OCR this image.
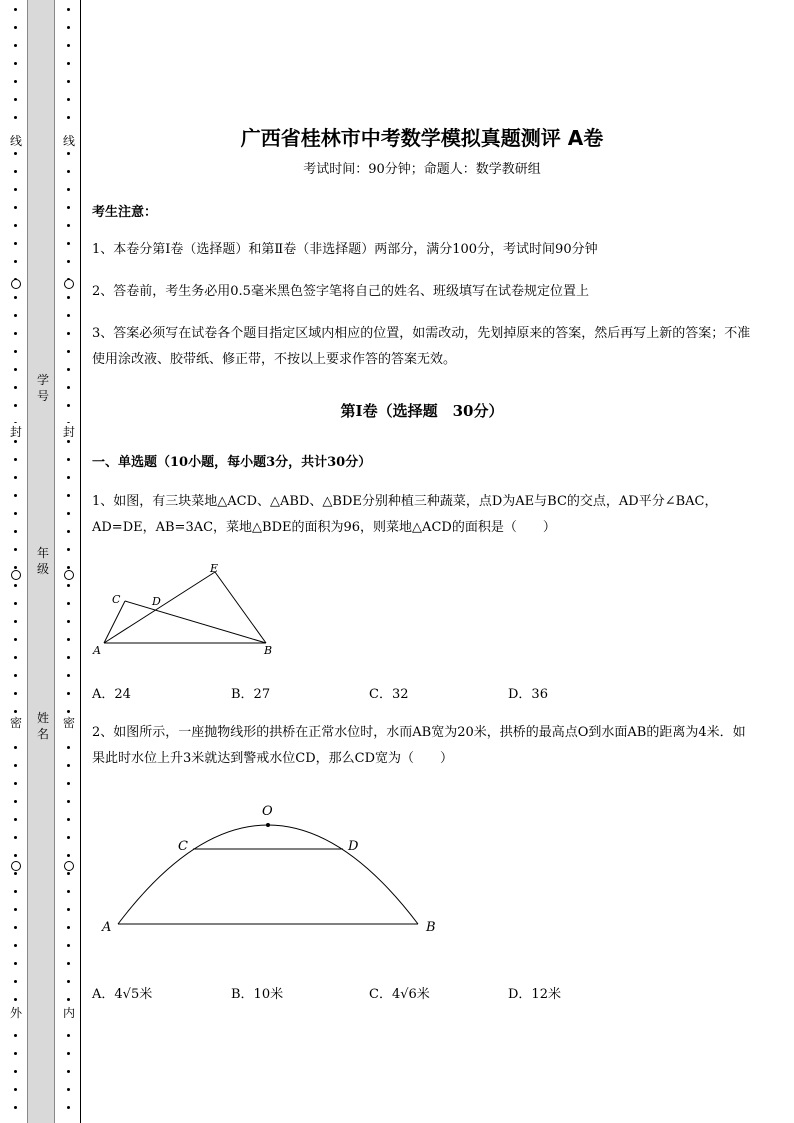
线
封
密
外
线
封
密
内
学号
年级
姓名
广西省桂林市中考数学模拟真题测评 A卷
考试时间：90分钟；命题人：数学教研组
考生注意：
1、本卷分第I卷（选择题）和第Ⅱ卷（非选择题）两部分，满分100分，考试时间90分钟
2、答卷前，考生务必用0.5毫米黑色签字笔将自己的姓名、班级填写在试卷规定位置上
3、答案必须写在试卷各个题目指定区域内相应的位置，如需改动，先划掉原来的答案，然后再写上新的答案；不准使用涂改液、胶带纸、修正带，不按以上要求作答的答案无效。
第I卷（选择题　30分）
一、单选题（10小题，每小题3分，共计30分）
1、如图，有三块菜地△ACD、△ABD、△BDE分别种植三种蔬菜，点D为AE与BC的交点，AD平分∠BAC，AD=DE，AB=3AC，菜地△BDE的面积为96，则菜地△ACD的面积是（　　）
A	B
C	D
E
A．24	B．27	C．32	D．36
2、如图所示，一座抛物线形的拱桥在正常水位时，水而AB宽为20米，拱桥的最高点O到水面AB的距离为4米．如果此时水位上升3米就达到警戒水位CD，那么CD宽为（　　）
O
C	D
A	B
A．4√5米	B．10米	C．4√6米	D．12米
